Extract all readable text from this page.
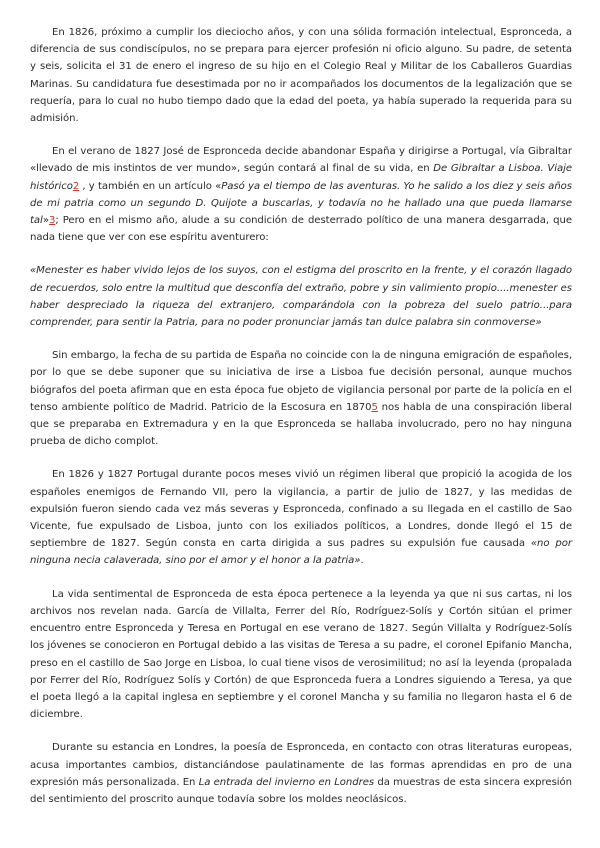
En 1826, próximo a cumplir los dieciocho años, y con una sólida formación intelectual, Espronceda, a diferencia de sus condiscípulos, no se prepara para ejercer profesión ni oficio alguno. Su padre, de setenta y seis, solicita el 31 de enero el ingreso de su hijo en el Colegio Real y Militar de los Caballeros Guardias Marinas. Su candidatura fue desestimada por no ir acompañados los documentos de la legalización que se requería, para lo cual no hubo tiempo dado que la edad del poeta, ya había superado la requerida para su admisión.

En el verano de 1827 José de Espronceda decide abandonar España y dirigirse a Portugal, vía Gibraltar «llevado de mis instintos de ver mundo», según contará al final de su vida, en De Gibraltar a Lisboa. Viaje histórico2 , y también en un artículo «Pasó ya el tiempo de las aventuras. Yo he salido a los diez y seis años de mi patria como un segundo D. Quijote a buscarlas, y todavía no he hallado una que pueda llamarse tal»3; Pero en el mismo año, alude a su condición de desterrado político de una manera desgarrada, que nada tiene que ver con ese espíritu aventurero:

«Menester es haber vivido lejos de los suyos, con el estigma del proscrito en la frente, y el corazón llagado de recuerdos, solo entre la multitud que desconfía del extraño, pobre y sin valimiento propio....menester es haber despreciado la riqueza del extranjero, comparándola con la pobreza del suelo patrio...para comprender, para sentir la Patria, para no poder pronunciar jamás tan dulce palabra sin conmoverse»

Sin embargo, la fecha de su partida de España no coincide con la de ninguna emigración de españoles, por lo que se debe suponer que su iniciativa de irse a Lisboa fue decisión personal, aunque muchos biógrafos del poeta afirman que en esta época fue objeto de vigilancia personal por parte de la policía en el tenso ambiente político de Madrid. Patricio de la Escosura en 18705 nos habla de una conspiración liberal que se preparaba en Extremadura y en la que Espronceda se hallaba involucrado, pero no hay ninguna prueba de dicho complot.

En 1826 y 1827 Portugal durante pocos meses vivió un régimen liberal que propició la acogida de los españoles enemigos de Fernando VII, pero la vigilancia, a partir de julio de 1827, y las medidas de expulsión fueron siendo cada vez más severas y Espronceda, confinado a su llegada en el castillo de Sao Vicente, fue expulsado de Lisboa, junto con los exiliados políticos, a Londres, donde llegó el 15 de septiembre de 1827. Según consta en carta dirigida a sus padres su expulsión fue causada «no por ninguna necia calaverada, sino por el amor y el honor a la patria».

La vida sentimental de Espronceda de esta época pertenece a la leyenda ya que ni sus cartas, ni los archivos nos revelan nada. García de Villalta, Ferrer del Río, Rodríguez-Solís y Cortón sitúan el primer encuentro entre Espronceda y Teresa en Portugal en ese verano de 1827. Según Villalta y Rodríguez-Solís los jóvenes se conocieron en Portugal debido a las visitas de Teresa a su padre, el coronel Epifanio Mancha, preso en el castillo de Sao Jorge en Lisboa, lo cual tiene visos de verosimilitud; no así la leyenda (propalada por Ferrer del Río, Rodríguez Solís y Cortón) de que Espronceda fuera a Londres siguiendo a Teresa, ya que el poeta llegó a la capital inglesa en septiembre y el coronel Mancha y su familia no llegaron hasta el 6 de diciembre.

Durante su estancia en Londres, la poesía de Espronceda, en contacto con otras literaturas europeas, acusa importantes cambios, distanciándose paulatinamente de las formas aprendidas en pro de una expresión más personalizada. En La entrada del invierno en Londres da muestras de esta sincera expresión del sentimiento del proscrito aunque todavía sobre los moldes neoclásicos.
